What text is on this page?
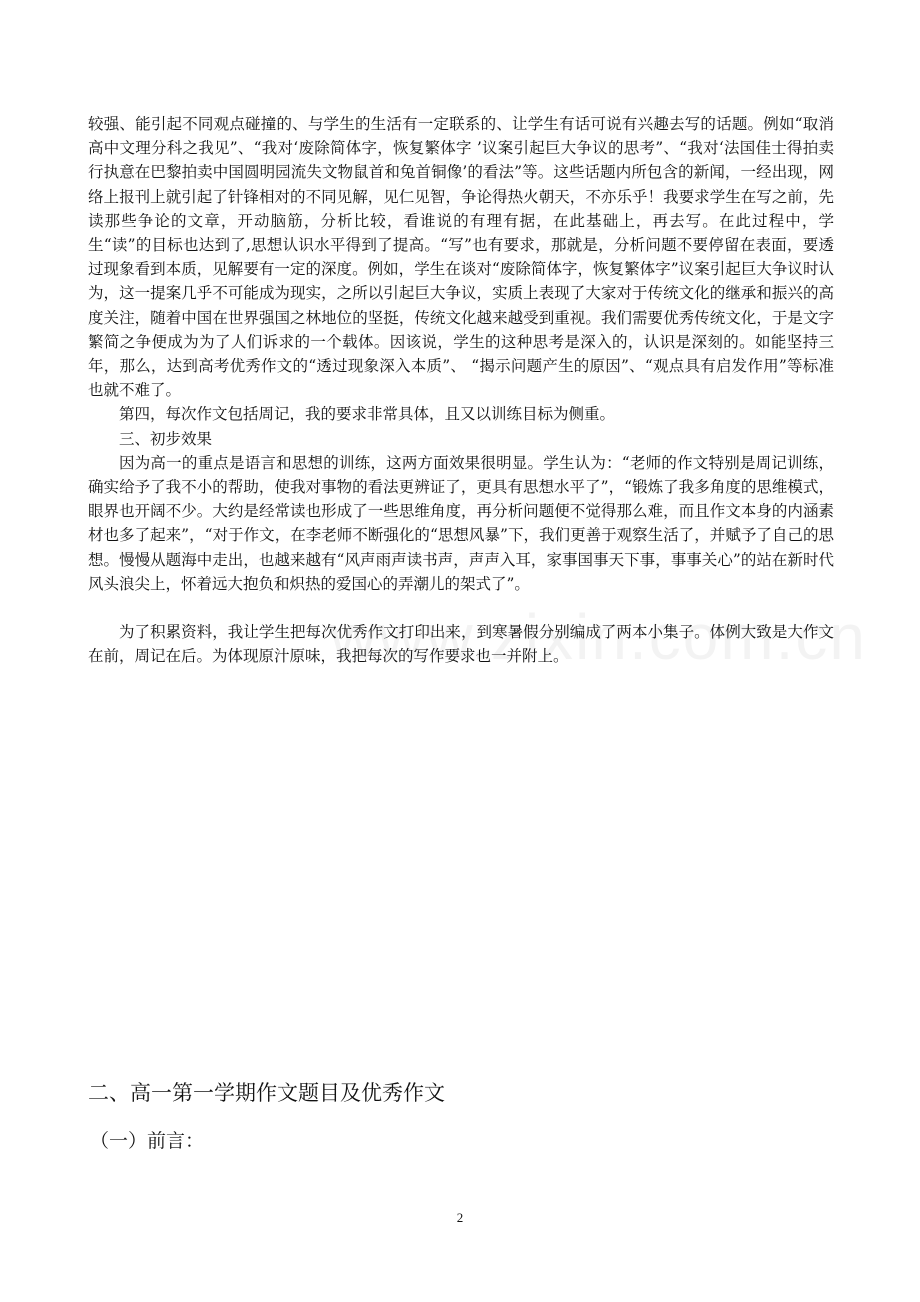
较强、能引起不同观点碰撞的、与学生的生活有一定联系的、让学生有话可说有兴趣去写的话题。例如“取消高中文理分科之我见”、“我对‘废除简体字，恢复繁体字 ’议案引起巨大争议的思考”、“我对‘法国佳士得拍卖行执意在巴黎拍卖中国圆明园流失文物鼠首和兔首铜像’的看法”等。这些话题内所包含的新闻，一经出现，网络上报刊上就引起了针锋相对的不同见解，见仁见智，争论得热火朝天，不亦乐乎！我要求学生在写之前，先读那些争论的文章，开动脑筋，分析比较，看谁说的有理有据，在此基础上，再去写。在此过程中，学生“读”的目标也达到了,思想认识水平得到了提高。“写”也有要求，那就是，分析问题不要停留在表面，要透过现象看到本质，见解要有一定的深度。例如，学生在谈对“废除简体字，恢复繁体字”议案引起巨大争议时认为，这一提案几乎不可能成为现实，之所以引起巨大争议，实质上表现了大家对于传统文化的继承和振兴的高度关注，随着中国在世界强国之林地位的坚挺，传统文化越来越受到重视。我们需要优秀传统文化，于是文字繁简之争便成为为了人们诉求的一个载体。因该说，学生的这种思考是深入的，认识是深刻的。如能坚持三年，那么，达到高考优秀作文的“透过现象深入本质”、 “揭示问题产生的原因”、“观点具有启发作用”等标准也就不难了。

第四，每次作文包括周记，我的要求非常具体，且又以训练目标为侧重。

三、初步效果

因为高一的重点是语言和思想的训练，这两方面效果很明显。学生认为：“老师的作文特别是周记训练，确实给予了我不小的帮助，使我对事物的看法更辨证了，更具有思想水平了”，“锻炼了我多角度的思维模式，眼界也开阔不少。大约是经常读也形成了一些思维角度，再分析问题便不觉得那么难，而且作文本身的内涵素材也多了起来”，“对于作文，在李老师不断强化的“思想风暴”下，我们更善于观察生活了，并赋予了自己的思想。慢慢从题海中走出，也越来越有“风声雨声读书声，声声入耳，家事国事天下事，事事关心”的站在新时代风头浪尖上，怀着远大抱负和炽热的爱国心的弄潮儿的架式了”。

为了积累资料，我让学生把每次优秀作文打印出来，到寒暑假分别编成了两本小集子。体例大致是大作文在前，周记在后。为体现原汁原味，我把每次的写作要求也一并附上。

二、高一第一学期作文题目及优秀作文
（一）前言：
2
